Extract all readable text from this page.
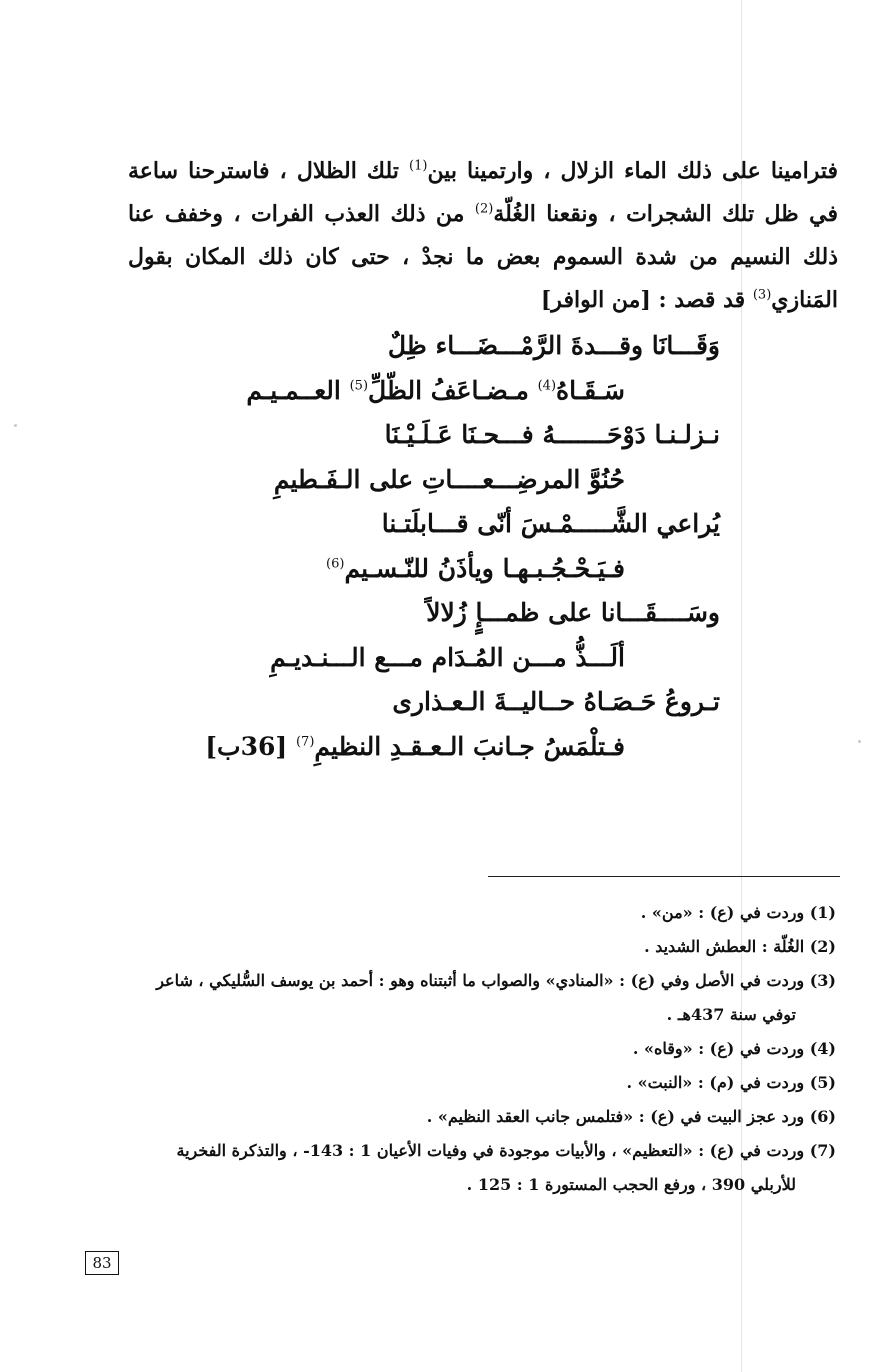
فترامينا على ذلك الماء الزلال ، وارتمينا بين$^{(1)}$ تلك الظلال ، فاسترحنا ساعة في ظل تلك الشجرات ، ونقعنا الغُلّة$^{(2)}$ من ذلك العذب الفرات ، وخفف عنا ذلك النسيم من شدة السموم بعض ما نجدْ ، حتى كان ذلك المكان بقول المَنازي$^{(3)}$ قد قصد : [من الوافر]
وَقَـــانَا وقـــدةَ الرَّمْـــضَـــاء ظِلٌ
سَـقَـاهُ$^{(4)}$ مـضـاعَفُ الظّلِّ$^{(5)}$ العــمـيـم
نـزلـنـا دَوْحَـــــــهُ فـــحـنَا عَـلَـيْـنَا
حُنُوَّ المرضِـــعــــاتِ على الـفَـطيمِ
يُراعي الشَّـــــمْـسَ أنّى قـــابلَتـنا
فـيَـحْـجُـبـهـا ويأذَنُ للنّـسـيم$^{(6)}$
وسَــــقَـــانا على ظمـــإٍ زُلالاً
ألَـــذُّ مـــن المُـدَام مـــع الـــنـديـمِ
تـروعُ حَـصَـاهُ حــاليــةَ الـعـذارى
فـتلْمَسُ جـانبَ الـعـقـدِ النظيمِ$^{(7)}$ [36ب]

(1) وردت في (ع) : «من» .

(2) الغُلّة : العطش الشديد .

(3) وردت في الأصل وفي (ع) : «المنادي» والصواب ما أثبتناه وهو : أحمد بن يوسف السُّليكي ، شاعر

توفي سنة 437هـ .

(4) وردت في (ع) : «وقاه» .

(5) وردت في (م) : «النبت» .

(6) ورد عجز البيت في (ع) : «فتلمس جانب العقد النظيم» .

(7) وردت في (ع) : «التعظيم» ، والأبيات موجودة في وفيات الأعيان 1 : 143- ، والتذكرة الفخرية

للأربلي 390 ، ورفع الحجب المستورة 1 : 125 .

83
